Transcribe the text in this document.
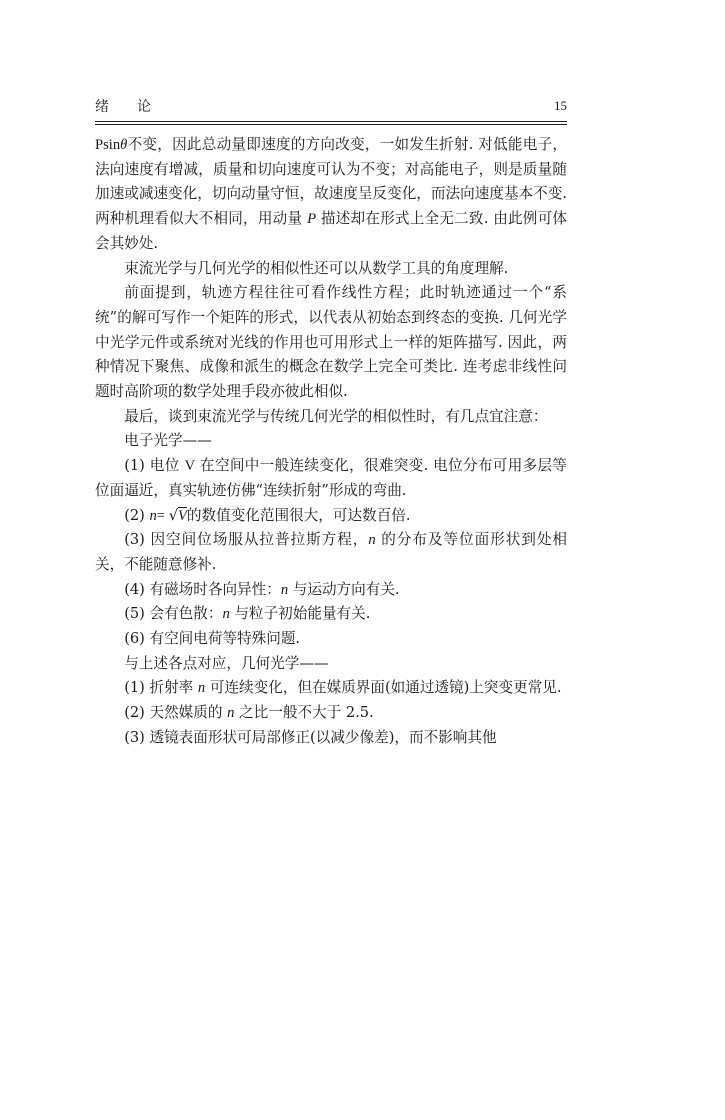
绪 论	15

Psinθ不变，因此总动量即速度的方向改变，一如发生折射. 对低能电子，法向速度有增减，质量和切向速度可认为不变；对高能电子，则是质量随加速或减速变化，切向动量守恒，故速度呈反变化，而法向速度基本不变. 两种机理看似大不相同，用动量 P 描述却在形式上全无二致. 由此例可体会其妙处.

束流光学与几何光学的相似性还可以从数学工具的角度理解.

前面提到，轨迹方程往往可看作线性方程；此时轨迹通过一个“系统”的解可写作一个矩阵的形式，以代表从初始态到终态的变换. 几何光学中光学元件或系统对光线的作用也可用形式上一样的矩阵描写. 因此，两种情况下聚焦、成像和派生的概念在数学上完全可类比. 连考虑非线性问题时高阶项的数学处理手段亦彼此相似.

最后，谈到束流光学与传统几何光学的相似性时，有几点宜注意：

电子光学——

(1) 电位 V 在空间中一般连续变化，很难突变. 电位分布可用多层等位面逼近，真实轨迹仿佛“连续折射”形成的弯曲.

(2) n= √V的数值变化范围很大，可达数百倍.

(3) 因空间位场服从拉普拉斯方程，n 的分布及等位面形状到处相关，不能随意修补.

(4) 有磁场时各向异性：n 与运动方向有关.

(5) 会有色散：n 与粒子初始能量有关.

(6) 有空间电荷等特殊问题.

与上述各点对应，几何光学——

(1) 折射率 n 可连续变化，但在媒质界面(如通过透镜)上突变更常见.

(2) 天然媒质的 n 之比一般不大于 2.5.

(3) 透镜表面形状可局部修正(以减少像差)，而不影响其他
